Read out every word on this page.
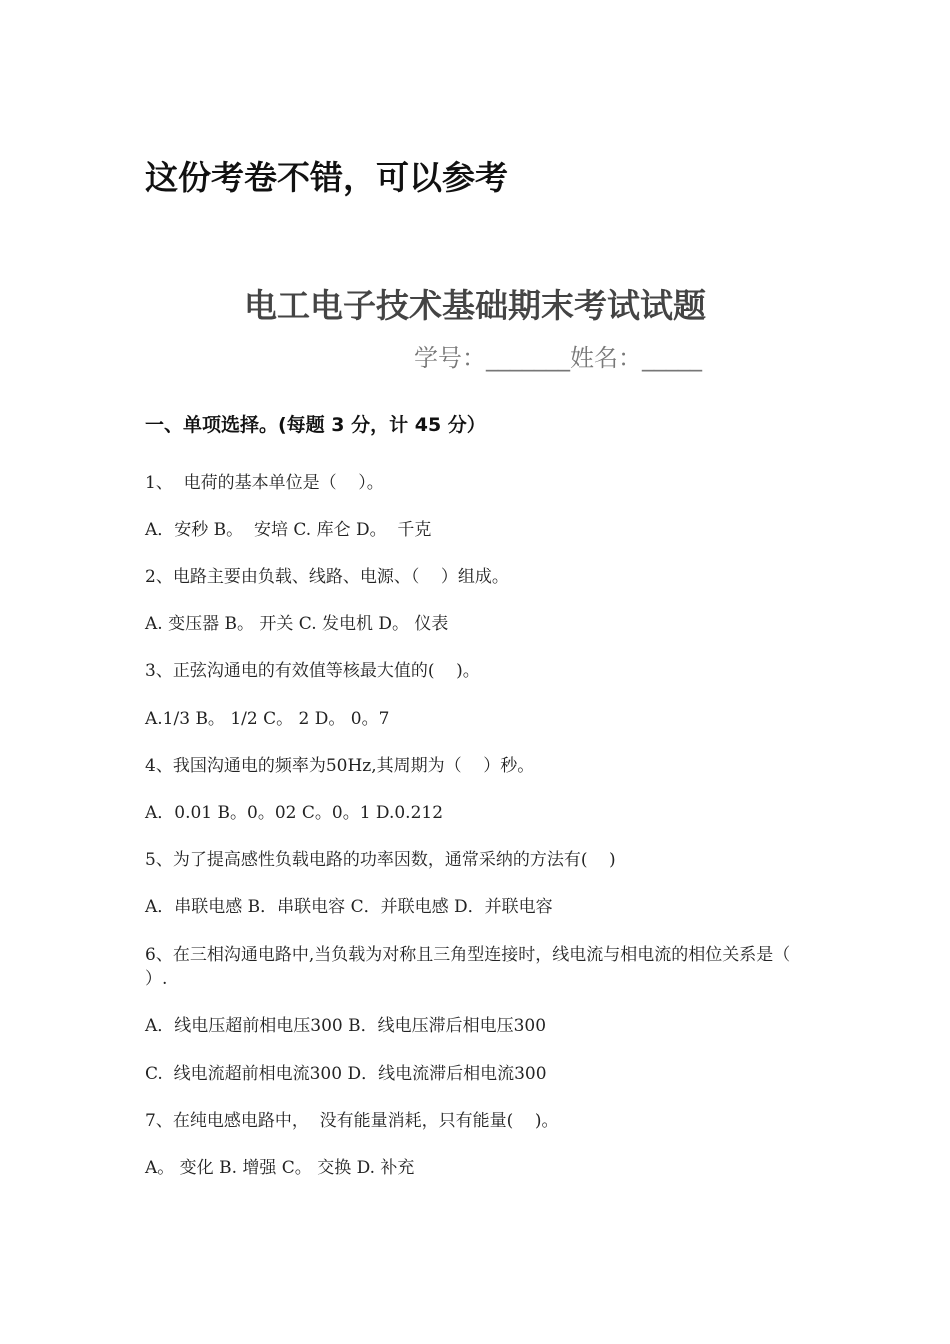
这份考卷不错，可以参考
电工电子技术基础期末考试试题
学号：_______姓名：_____
一、单项选择。(每题 3 分，计 45 分）
1、  电荷的基本单位是（    ）。
A．安秒 B。  安培 C. 库仑 D。  千克
2、电路主要由负载、线路、电源、（    ）组成。
A. 变压器 B。 开关 C. 发电机 D。 仪表
3、正弦沟通电的有效值等核最大值的(    )。
A.1/3 B。 1/2 C。 2 D。 0。7
4、我国沟通电的频率为50Hz,其周期为（    ）秒。
A．0.01 B。0。02 C。0。1 D.0.212
5、为了提高感性负载电路的功率因数，通常采纳的方法有(    )
A．串联电感 B．串联电容 C．并联电感 D．并联电容
6、在三相沟通电路中,当负载为对称且三角型连接时，线电流与相电流的相位关系是（ ）.
A．线电压超前相电压300 B．线电压滞后相电压300
C.  线电流超前相电流300 D．线电流滞后相电流300
7、在纯电感电路中，  没有能量消耗，只有能量(    )。
A。 变化 B. 增强 C。 交换 D. 补充
